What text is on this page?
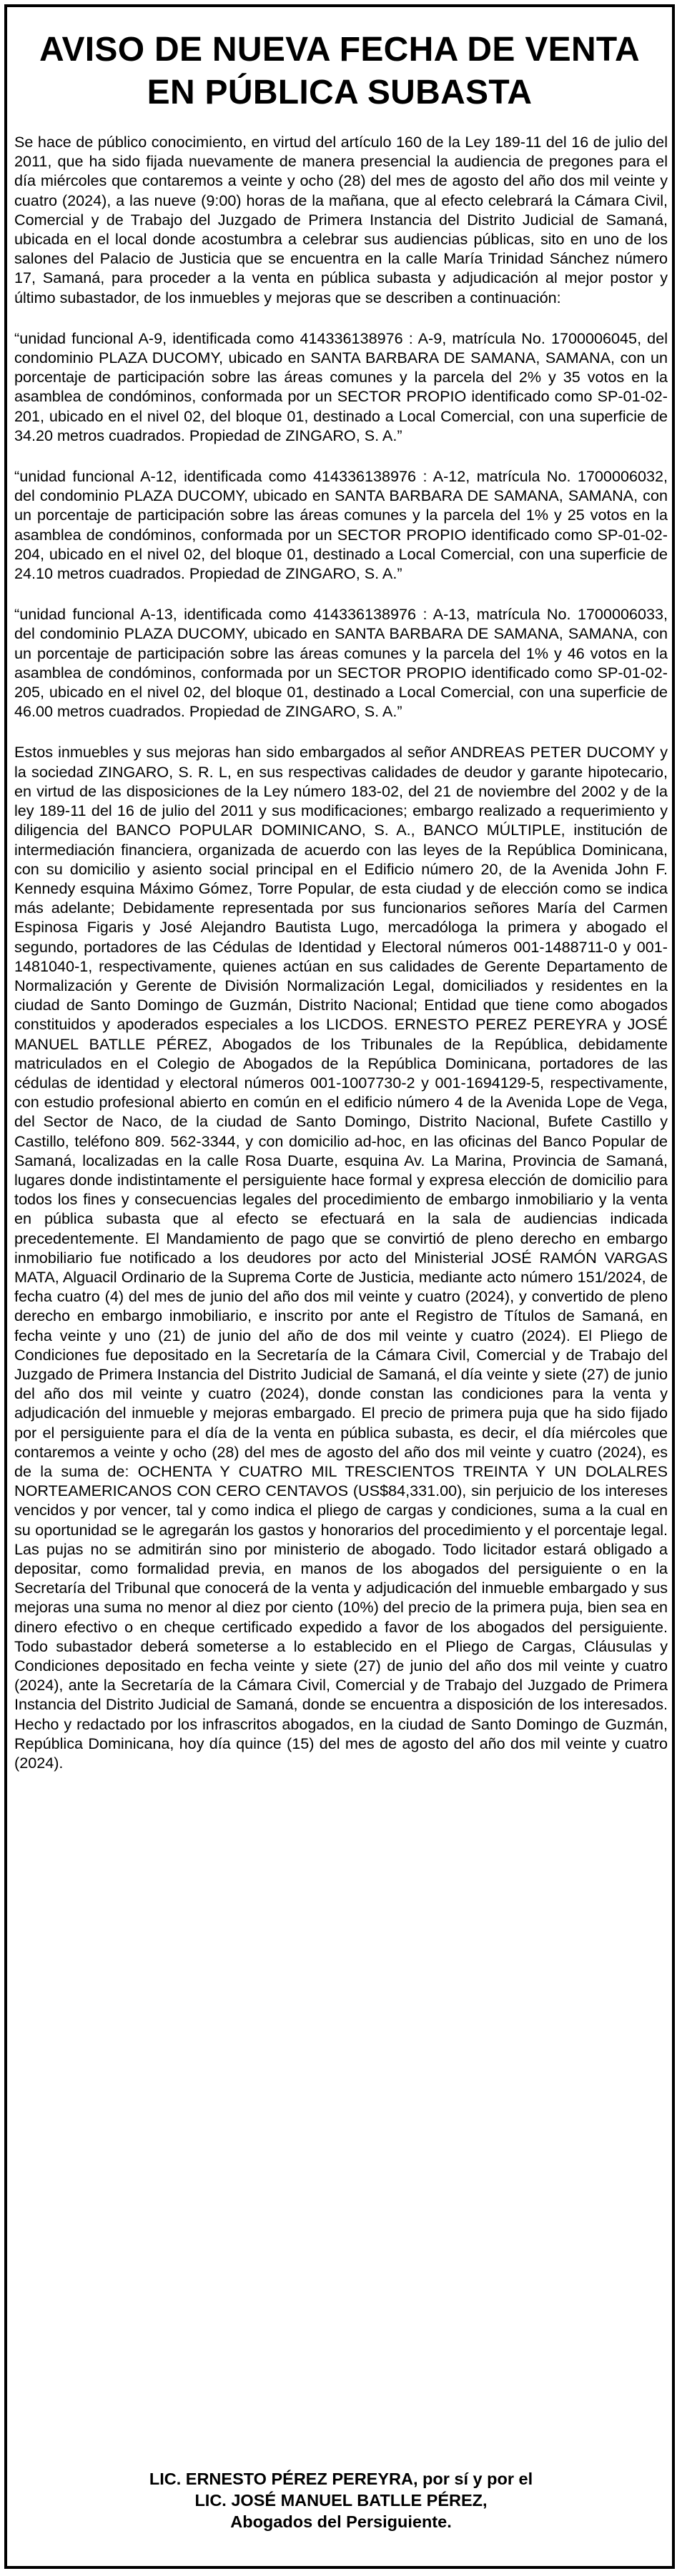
AVISO DE NUEVA FECHA DE VENTA
EN PÚBLICA SUBASTA

Se hace de público conocimiento, en virtud del artículo 160 de la Ley 189-11 del 16 de julio del 2011, que ha sido fijada nuevamente de manera presencial la audiencia de pregones para el día miércoles que contaremos a veinte y ocho (28) del mes de agosto del año dos mil veinte y cuatro (2024), a las nueve (9:00) horas de la mañana, que al efecto celebrará la Cámara Civil, Comercial y de Trabajo del Juzgado de Primera Instancia del Distrito Judicial de Samaná, ubicada en el local donde acostumbra a celebrar sus audiencias públicas, sito en uno de los salones del Palacio de Justicia que se encuentra en la calle María Trinidad Sánchez número 17, Samaná, para proceder a la venta en pública subasta y adjudicación al mejor postor y último subastador, de los inmuebles y mejoras que se describen a continuación:

“unidad funcional A-9, identificada como 414336138976 : A-9, matrícula No. 1700006045, del condominio PLAZA DUCOMY, ubicado en SANTA BARBARA DE SAMANA, SAMANA, con un porcentaje de participación sobre las áreas comunes y la parcela del 2% y 35 votos en la asamblea de condóminos, conformada por un SECTOR PROPIO identificado como SP-01-02-201, ubicado en el nivel 02, del bloque 01, destinado a Local Comercial, con una superficie de 34.20 metros cuadrados. Propiedad de ZINGARO, S. A.”

“unidad funcional A-12, identificada como 414336138976 : A-12, matrícula No. 1700006032, del condominio PLAZA DUCOMY, ubicado en SANTA BARBARA DE SAMANA, SAMANA, con un porcentaje de participación sobre las áreas comunes y la parcela del 1% y 25 votos en la asamblea de condóminos, conformada por un SECTOR PROPIO identificado como SP-01-02-204, ubicado en el nivel 02, del bloque 01, destinado a Local Comercial, con una superficie de 24.10 metros cuadrados. Propiedad de ZINGARO, S. A.”

“unidad funcional A-13, identificada como 414336138976 : A-13, matrícula No. 1700006033, del condominio PLAZA DUCOMY, ubicado en SANTA BARBARA DE SAMANA, SAMANA, con un porcentaje de participación sobre las áreas comunes y la parcela del 1% y 46 votos en la asamblea de condóminos, conformada por un SECTOR PROPIO identificado como SP-01-02-205, ubicado en el nivel 02, del bloque 01, destinado a Local Comercial, con una superficie de 46.00 metros cuadrados. Propiedad de ZINGARO, S. A.”

Estos inmuebles y sus mejoras han sido embargados al señor ANDREAS PETER DUCOMY y la sociedad ZINGARO, S. R. L, en sus respectivas calidades de deudor y garante hipotecario, en virtud de las disposiciones de la Ley número 183-02, del 21 de noviembre del 2002 y de la ley 189-11 del 16 de julio del 2011 y sus modificaciones; embargo realizado a requerimiento y diligencia del BANCO POPULAR DOMINICANO, S. A., BANCO MÚLTIPLE, institución de intermediación financiera, organizada de acuerdo con las leyes de la República Dominicana, con su domicilio y asiento social principal en el Edificio número 20, de la Avenida John F. Kennedy esquina Máximo Gómez, Torre Popular, de esta ciudad y de elección como se indica más adelante; Debidamente representada por sus funcionarios señores María del Carmen Espinosa Figaris y José Alejandro Bautista Lugo, mercadóloga la primera y abogado el segundo, portadores de las Cédulas de Identidad y Electoral números 001-1488711-0 y 001-1481040-1, respectivamente, quienes actúan en sus calidades de Gerente Departamento de Normalización y Gerente de División Normalización Legal, domiciliados y residentes en la ciudad de Santo Domingo de Guzmán, Distrito Nacional; Entidad que tiene como abogados constituidos y apoderados especiales a los LICDOS. ERNESTO PEREZ PEREYRA y JOSÉ MANUEL BATLLE PÉREZ, Abogados de los Tribunales de la República, debidamente matriculados en el Colegio de Abogados de la República Dominicana, portadores de las cédulas de identidad y electoral números 001-1007730-2 y 001-1694129-5, respectivamente, con estudio profesional abierto en común en el edificio número 4 de la Avenida Lope de Vega, del Sector de Naco, de la ciudad de Santo Domingo, Distrito Nacional, Bufete Castillo y Castillo, teléfono 809. 562-3344, y con domicilio ad-hoc, en las oficinas del Banco Popular de Samaná, localizadas en la calle Rosa Duarte, esquina Av. La Marina, Provincia de Samaná, lugares donde indistintamente el persiguiente hace formal y expresa elección de domicilio para todos los fines y consecuencias legales del procedimiento de embargo inmobiliario y la venta en pública subasta que al efecto se efectuará en la sala de audiencias indicada precedentemente. El Mandamiento de pago que se convirtió de pleno derecho en embargo inmobiliario fue notificado a los deudores por acto del Ministerial JOSÉ RAMÓN VARGAS MATA, Alguacil Ordinario de la Suprema Corte de Justicia, mediante acto número 151/2024, de fecha cuatro (4) del mes de junio del año dos mil veinte y cuatro (2024), y convertido de pleno derecho en embargo inmobiliario, e inscrito por ante el Registro de Títulos de Samaná, en fecha veinte y uno (21) de junio del año de dos mil veinte y cuatro (2024). El Pliego de Condiciones fue depositado en la Secretaría de la Cámara Civil, Comercial y de Trabajo del Juzgado de Primera Instancia del Distrito Judicial de Samaná, el día veinte y siete (27) de junio del año dos mil veinte y cuatro (2024), donde constan las condiciones para la venta y adjudicación del inmueble y mejoras embargado. El precio de primera puja que ha sido fijado por el persiguiente para el día de la venta en pública subasta, es decir, el día miércoles que contaremos a veinte y ocho (28) del mes de agosto del año dos mil veinte y cuatro (2024), es de la suma de: OCHENTA Y CUATRO MIL TRESCIENTOS TREINTA Y UN DOLALRES NORTEAMERICANOS CON CERO CENTAVOS (US$84,331.00), sin perjuicio de los intereses vencidos y por vencer, tal y como indica el pliego de cargas y condiciones, suma a la cual en su oportunidad se le agregarán los gastos y honorarios del procedimiento y el porcentaje legal. Las pujas no se admitirán sino por ministerio de abogado. Todo licitador estará obligado a depositar, como formalidad previa, en manos de los abogados del persiguiente o en la Secretaría del Tribunal que conocerá de la venta y adjudicación del inmueble embargado y sus mejoras una suma no menor al diez por ciento (10%) del precio de la primera puja, bien sea en dinero efectivo o en cheque certificado expedido a favor de los abogados del persiguiente. Todo subastador deberá someterse a lo establecido en el Pliego de Cargas, Cláusulas y Condiciones depositado en fecha veinte y siete (27) de junio del año dos mil veinte y cuatro (2024), ante la Secretaría de la Cámara Civil, Comercial y de Trabajo del Juzgado de Primera Instancia del Distrito Judicial de Samaná, donde se encuentra a disposición de los interesados. Hecho y redactado por los infrascritos abogados, en la ciudad de Santo Domingo de Guzmán, República Dominicana, hoy día quince (15) del mes de agosto del año dos mil veinte y cuatro (2024).

LIC. ERNESTO PÉREZ PEREYRA, por sí y por el
LIC. JOSÉ MANUEL BATLLE PÉREZ,
Abogados del Persiguiente.
